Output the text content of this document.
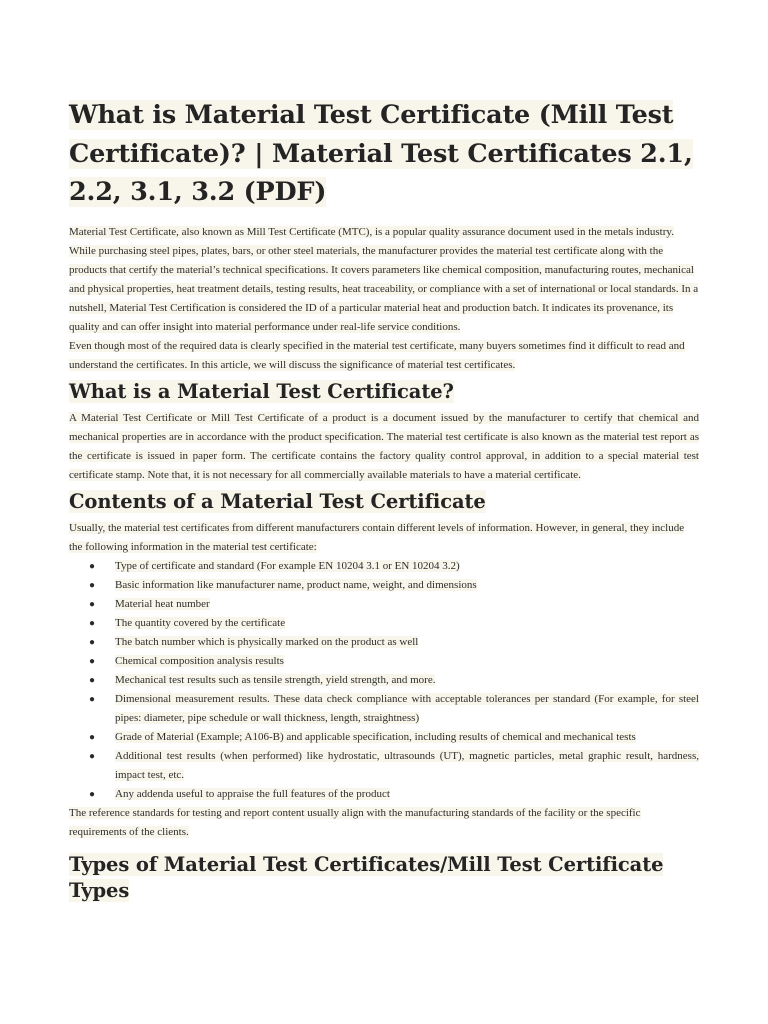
What is Material Test Certificate (Mill Test Certificate)? | Material Test Certificates 2.1, 2.2, 3.1, 3.2 (PDF)

Material Test Certificate, also known as Mill Test Certificate (MTC), is a popular quality assurance document used in the metals industry. While purchasing steel pipes, plates, bars, or other steel materials, the manufacturer provides the material test certificate along with the products that certify the material’s technical specifications. It covers parameters like chemical composition, manufacturing routes, mechanical and physical properties, heat treatment details, testing results, heat traceability, or compliance with a set of international or local standards. In a nutshell, Material Test Certification is considered the ID of a particular material heat and production batch. It indicates its provenance, its quality and can offer insight into material performance under real-life service conditions.

Even though most of the required data is clearly specified in the material test certificate, many buyers sometimes find it difficult to read and understand the certificates. In this article, we will discuss the significance of material test certificates.

What is a Material Test Certificate?

A Material Test Certificate or Mill Test Certificate of a product is a document issued by the manufacturer to certify that chemical and mechanical properties are in accordance with the product specification. The material test certificate is also known as the material test report as the certificate is issued in paper form. The certificate contains the factory quality control approval, in addition to a special material test certificate stamp. Note that, it is not necessary for all commercially available materials to have a material certificate.

Contents of a Material Test Certificate

Usually, the material test certificates from different manufacturers contain different levels of information. However, in general, they include the following information in the material test certificate:

● Type of certificate and standard (For example EN 10204 3.1 or EN 10204 3.2)
● Basic information like manufacturer name, product name, weight, and dimensions
● Material heat number
● The quantity covered by the certificate
● The batch number which is physically marked on the product as well
● Chemical composition analysis results
● Mechanical test results such as tensile strength, yield strength, and more.
● Dimensional measurement results. These data check compliance with acceptable tolerances per standard (For example, for steel pipes: diameter, pipe schedule or wall thickness, length, straightness)
● Grade of Material (Example; A106-B) and applicable specification, including results of chemical and mechanical tests
● Additional test results (when performed) like hydrostatic, ultrasounds (UT), magnetic particles, metal graphic result, hardness, impact test, etc.
● Any addenda useful to appraise the full features of the product

The reference standards for testing and report content usually align with the manufacturing standards of the facility or the specific requirements of the clients.

Types of Material Test Certificates/Mill Test Certificate Types
